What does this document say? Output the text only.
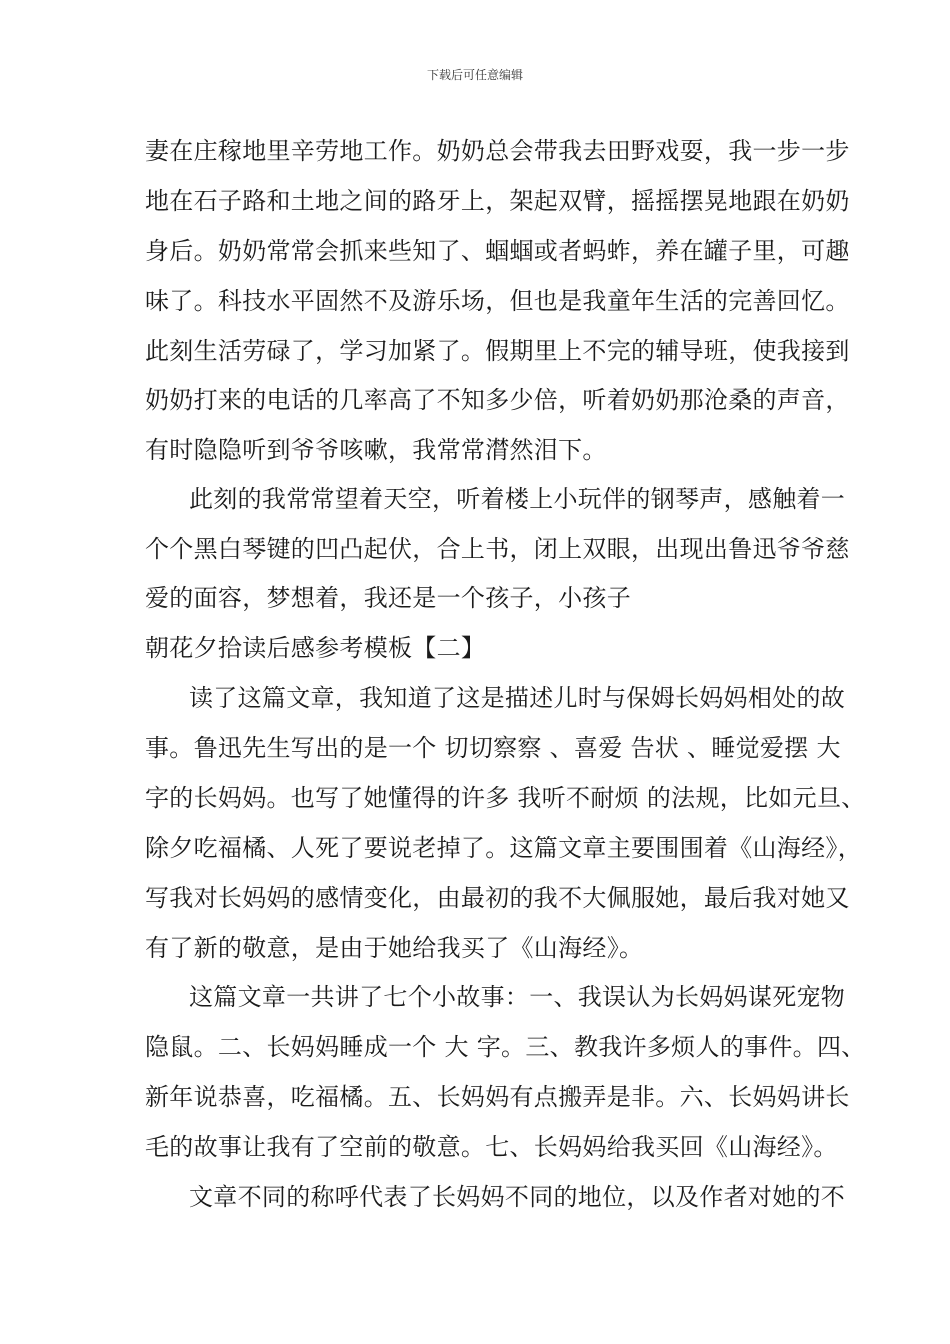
下载后可任意编辑
妻在庄稼地里辛劳地工作。奶奶总会带我去田野戏耍，我一步一步
地在石子路和土地之间的路牙上，架起双臂，摇摇摆晃地跟在奶奶
身后。奶奶常常会抓来些知了、蝈蝈或者蚂蚱，养在罐子里，可趣
味了。科技水平固然不及游乐场，但也是我童年生活的完善回忆。
此刻生活劳碌了，学习加紧了。假期里上不完的辅导班，使我接到
奶奶打来的电话的几率高了不知多少倍，听着奶奶那沧桑的声音，
有时隐隐听到爷爷咳嗽，我常常潸然泪下。
此刻的我常常望着天空，听着楼上小玩伴的钢琴声，感触着一
个个黑白琴键的凹凸起伏，合上书，闭上双眼，出现出鲁迅爷爷慈
爱的面容，梦想着，我还是一个孩子，小孩子
朝花夕拾读后感参考模板【二】
读了这篇文章，我知道了这是描述儿时与保姆长妈妈相处的故
事。鲁迅先生写出的是一个 切切察察 、喜爱 告状 、睡觉爱摆 大
字的长妈妈。也写了她懂得的许多 我听不耐烦 的法规，比如元旦、
除夕吃福橘、人死了要说老掉了。这篇文章主要围围着《山海经》，
写我对长妈妈的感情变化，由最初的我不大佩服她，最后我对她又
有了新的敬意，是由于她给我买了《山海经》。
这篇文章一共讲了七个小故事：一、我误认为长妈妈谋死宠物
隐鼠。二、长妈妈睡成一个 大 字。三、教我许多烦人的事件。四、
新年说恭喜，吃福橘。五、长妈妈有点搬弄是非。六、长妈妈讲长
毛的故事让我有了空前的敬意。七、长妈妈给我买回《山海经》。
文章不同的称呼代表了长妈妈不同的地位，以及作者对她的不
